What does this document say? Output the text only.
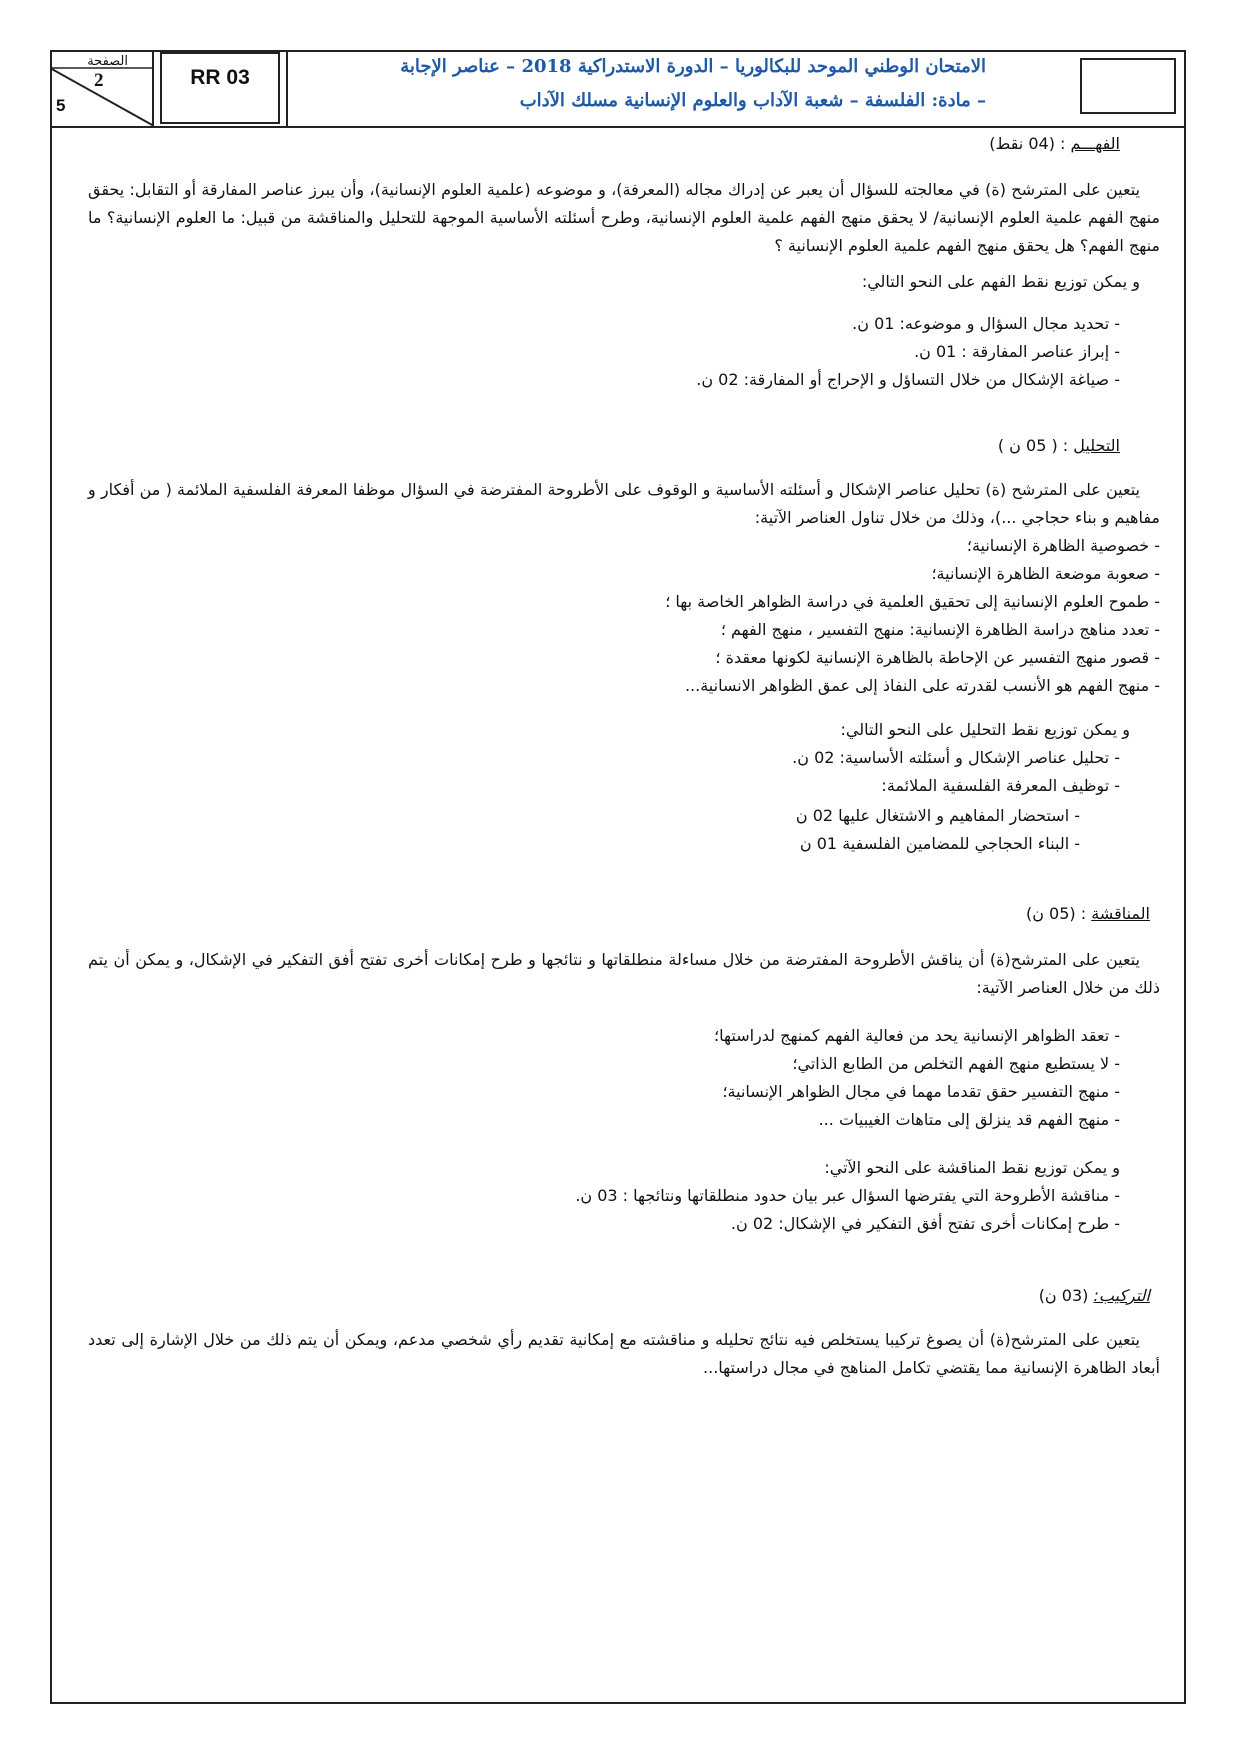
الصفحة
2
5
RR 03	الامتحان الوطني الموحد للبكالوريا – الدورة الاستدراكية 2018 – عناصر الإجابة
– مادة: الفلسفة – شعبة الآداب والعلوم الإنسانية مسلك الآداب
الفهـــم : (04 نقط)
يتعين على المترشح (ة) في معالجته للسؤال أن يعبر عن إدراك مجاله (المعرفة)، و موضوعه (علمية العلوم الإنسانية)، وأن يبرز عناصر المفارقة أو التقابل: يحقق منهج الفهم علمية العلوم الإنسانية/ لا يحقق منهج الفهم علمية العلوم الإنسانية، وطرح أسئلته الأساسية الموجهة للتحليل والمناقشة من قبيل: ما العلوم الإنسانية؟ ما منهج الفهم؟ هل يحقق منهج الفهم علمية العلوم الإنسانية ؟
و يمكن توزيع نقط الفهم على النحو التالي:
- تحديد مجال السؤال و موضوعه: 01 ن.
- إبراز عناصر المفارقة : 01 ن.
- صياغة الإشكال من خلال التساؤل و الإحراج أو المفارقة: 02 ن.
التحليل : ( 05 ن )
يتعين على المترشح (ة) تحليل عناصر الإشكال و أسئلته الأساسية و الوقوف على الأطروحة المفترضة في السؤال موظفا المعرفة الفلسفية الملائمة ( من أفكار و مفاهيم و بناء حجاجي ...)، وذلك من خلال تناول العناصر الآتية:
- خصوصية الظاهرة الإنسانية؛
- صعوبة موضعة الظاهرة الإنسانية؛
- طموح العلوم الإنسانية إلى تحقيق العلمية في دراسة الظواهر الخاصة بها ؛
- تعدد مناهج دراسة الظاهرة الإنسانية: منهج التفسير ، منهج الفهم ؛
- قصور منهج التفسير عن الإحاطة بالظاهرة الإنسانية لكونها معقدة ؛
- منهج الفهم هو الأنسب لقدرته على النفاذ إلى عمق الظواهر الانسانية...
و يمكن توزيع نقط التحليل على النحو التالي:
- تحليل عناصر الإشكال و أسئلته الأساسية: 02 ن.
- توظيف المعرفة الفلسفية الملائمة:
- استحضار المفاهيم و الاشتغال عليها 02 ن
- البناء الحجاجي للمضامين الفلسفية 01 ن
المناقشة : (05 ن)
يتعين على المترشح(ة) أن يناقش الأطروحة المفترضة من خلال مساءلة منطلقاتها و نتائجها و طرح إمكانات أخرى تفتح أفق التفكير في الإشكال، و يمكن أن يتم ذلك من خلال العناصر الآتية:
- تعقد الظواهر الإنسانية يحد من فعالية الفهم كمنهج لدراستها؛
- لا يستطيع منهج الفهم التخلص من الطابع الذاتي؛
- منهج التفسير حقق تقدما مهما في مجال الظواهر الإنسانية؛
- منهج الفهم قد ينزلق إلى متاهات الغيبيات ...
و يمكن توزيع نقط المناقشة على النحو الآتي:
- مناقشة الأطروحة التي يفترضها السؤال عبر بيان حدود منطلقاتها ونتائجها : 03 ن.
- طرح إمكانات أخرى تفتح أفق التفكير في الإشكال: 02 ن.
التركيب: (03 ن)
يتعين على المترشح(ة) أن يصوغ تركيبا يستخلص فيه نتائج تحليله و مناقشته مع إمكانية تقديم رأي شخصي مدعم، ويمكن أن يتم ذلك من خلال الإشارة إلى تعدد أبعاد الظاهرة الإنسانية مما يقتضي تكامل المناهج في مجال دراستها...
